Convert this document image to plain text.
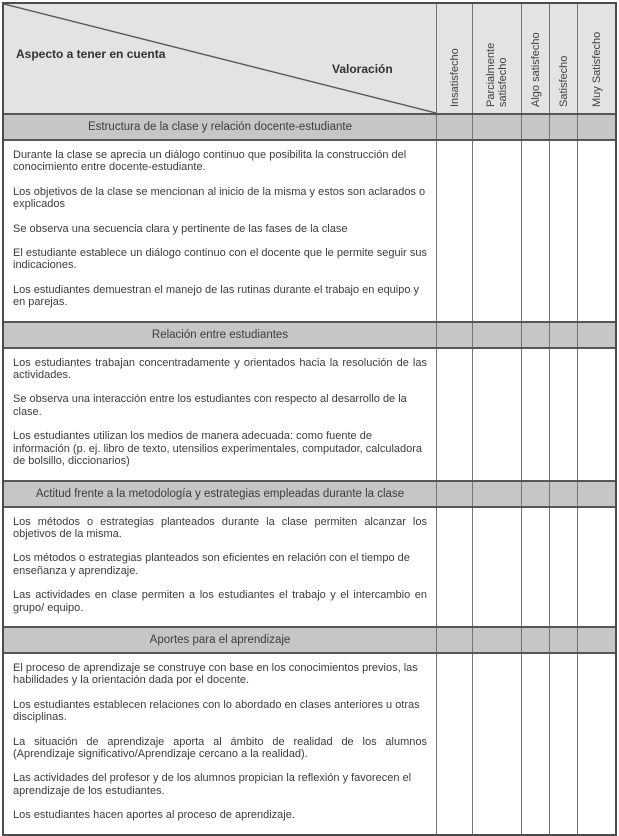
Aspecto a tener en cuenta
Valoración	Insatisfecho Parcialmente satisfecho Algo satisfecho Satisfecho Muy Satisfecho
Estructura de la clase y relación docente-estudiante

Durante la clase se aprecia un diálogo continuo que posibilita la construcción del conocimiento entre docente-estudiante.

Los objetivos de la clase se mencionan al inicio de la misma y estos son aclarados o explicados

Se observa una secuencia clara y pertinente de las fases de la clase

El estudiante establece un diálogo continuo con el docente que le permite seguir sus indicaciones.

Los estudiantes demuestran el manejo de las rutinas durante el trabajo en equipo y en parejas.

Relación entre estudiantes

Los estudiantes trabajan concentradamente y orientados hacia la resolución de las actividades.

Se observa una interacción entre los estudiantes con respecto al desarrollo de la clase.

Los estudiantes utilizan los medios de manera adecuada: como fuente de información (p. ej. libro de texto, utensilios experimentales, computador, calculadora de bolsillo, diccionarios)

Actitud frente a la metodología y estrategias empleadas durante la clase

Los métodos o estrategias planteados durante la clase permiten alcanzar los objetivos de la misma.

Los métodos o estrategias planteados son eficientes en relación con el tiempo de enseñanza y aprendizaje.

Las actividades en clase permiten a los estudiantes el trabajo y el intercambio en grupo/ equipo.

Aportes para el aprendizaje

El proceso de aprendizaje se construye con base en los conocimientos previos, las habilidades y la orientación dada por el docente.

Los estudiantes establecen relaciones con lo abordado en clases anteriores u otras disciplinas.

La situación de aprendizaje aporta al ámbito de realidad de los alumnos (Aprendizaje significativo/Aprendizaje cercano a la realidad).

Las actividades del profesor y de los alumnos propician la reflexión y favorecen el aprendizaje de los estudiantes.

Los estudiantes hacen aportes al proceso de aprendizaje.
